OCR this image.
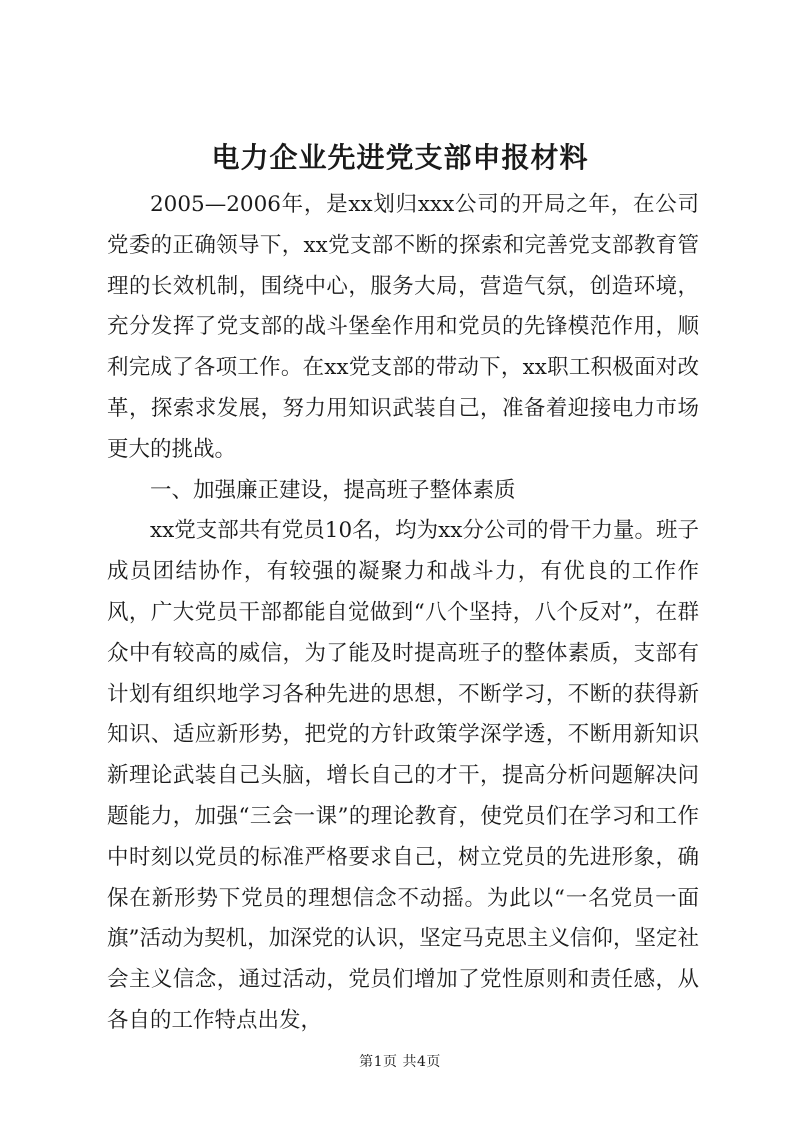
电力企业先进党支部申报材料

2005—2006年，是xx划归xxx公司的开局之年，在公司党委的正确领导下，xx党支部不断的探索和完善党支部教育管理的长效机制，围绕中心，服务大局，营造气氛，创造环境，充分发挥了党支部的战斗堡垒作用和党员的先锋模范作用，顺利完成了各项工作。在xx党支部的带动下，xx职工积极面对改革，探索求发展，努力用知识武装自己，准备着迎接电力市场更大的挑战。

一、加强廉正建设，提高班子整体素质

xx党支部共有党员10名，均为xx分公司的骨干力量。班子成员团结协作，有较强的凝聚力和战斗力，有优良的工作作风，广大党员干部都能自觉做到“八个坚持，八个反对”，在群众中有较高的威信，为了能及时提高班子的整体素质，支部有计划有组织地学习各种先进的思想，不断学习，不断的获得新知识、适应新形势，把党的方针政策学深学透，不断用新知识新理论武装自己头脑，增长自己的才干，提高分析问题解决问题能力，加强“三会一课”的理论教育，使党员们在学习和工作中时刻以党员的标准严格要求自己，树立党员的先进形象，确保在新形势下党员的理想信念不动摇。为此以“一名党员一面旗”活动为契机，加深党的认识，坚定马克思主义信仰，坚定社会主义信念，通过活动，党员们增加了党性原则和责任感，从各自的工作特点出发，

第1页 共4页
